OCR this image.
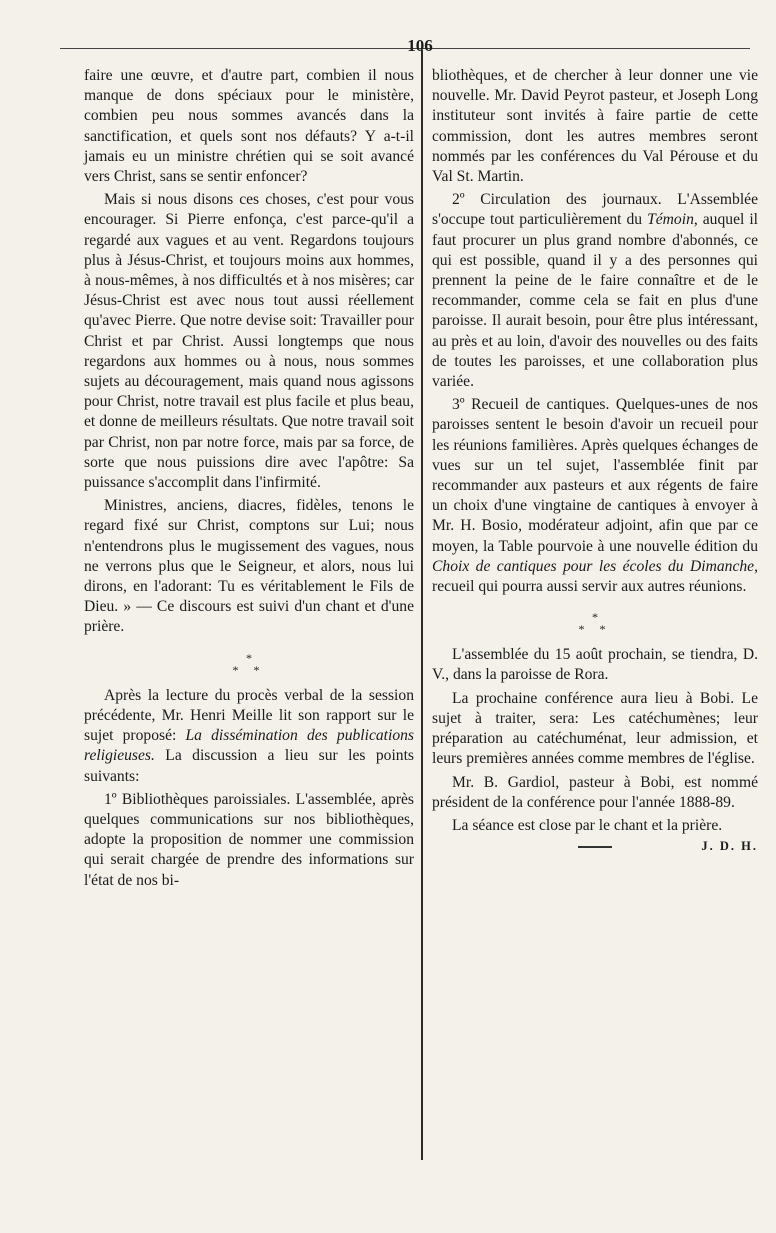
106

faire une œuvre, et d'autre part, combien il nous manque de dons spéciaux pour le ministère, combien peu nous sommes avancés dans la sanctification, et quels sont nos défauts? Y a-t-il jamais eu un ministre chrétien qui se soit avancé vers Christ, sans se sentir enfoncer?

Mais si nous disons ces choses, c'est pour vous encourager. Si Pierre enfonça, c'est parce-qu'il a regardé aux vagues et au vent. Regardons toujours plus à Jésus-Christ, et toujours moins aux hommes, à nous-mêmes, à nos difficultés et à nos misères; car Jésus-Christ est avec nous tout aussi réellement qu'avec Pierre. Que notre devise soit: Travailler pour Christ et par Christ. Aussi longtemps que nous regardons aux hommes ou à nous, nous sommes sujets au découragement, mais quand nous agissons pour Christ, notre travail est plus facile et plus beau, et donne de meilleurs résultats. Que notre travail soit par Christ, non par notre force, mais par sa force, de sorte que nous puissions dire avec l'apôtre: Sa puissance s'accomplit dans l'infirmité.

Ministres, anciens, diacres, fidèles, tenons le regard fixé sur Christ, comptons sur Lui; nous n'entendrons plus le mugissement des vagues, nous ne verrons plus que le Seigneur, et alors, nous lui dirons, en l'adorant: Tu es véritablement le Fils de Dieu. » — Ce discours est suivi d'un chant et d'une prière.

*
* *

Après la lecture du procès verbal de la session précédente, Mr. Henri Meille lit son rapport sur le sujet proposé: La dissémination des publications religieuses. La discussion a lieu sur les points suivants:

1º Bibliothèques paroissiales. L'assemblée, après quelques communications sur nos bibliothèques, adopte la proposition de nommer une commission qui serait chargée de prendre des informations sur l'état de nos bi-

bliothèques, et de chercher à leur donner une vie nouvelle. Mr. David Peyrot pasteur, et Joseph Long instituteur sont invités à faire partie de cette commission, dont les autres membres seront nommés par les conférences du Val Pérouse et du Val St. Martin.

2º Circulation des journaux. L'Assemblée s'occupe tout particulièrement du Témoin, auquel il faut procurer un plus grand nombre d'abonnés, ce qui est possible, quand il y a des personnes qui prennent la peine de le faire connaître et de le recommander, comme cela se fait en plus d'une paroisse. Il aurait besoin, pour être plus intéressant, au près et au loin, d'avoir des nouvelles ou des faits de toutes les paroisses, et une collaboration plus variée.

3º Recueil de cantiques. Quelques-unes de nos paroisses sentent le besoin d'avoir un recueil pour les réunions familières. Après quelques échanges de vues sur un tel sujet, l'assemblée finit par recommander aux pasteurs et aux régents de faire un choix d'une vingtaine de cantiques à envoyer à Mr. H. Bosio, modérateur adjoint, afin que par ce moyen, la Table pourvoie à une nouvelle édition du Choix de cantiques pour les écoles du Dimanche, recueil qui pourra aussi servir aux autres réunions.

*
* *

L'assemblée du 15 août prochain, se tiendra, D. V., dans la paroisse de Rora.

La prochaine conférence aura lieu à Bobi. Le sujet à traiter, sera: Les catéchumènes; leur préparation au catéchuménat, leur admission, et leurs premières années comme membres de l'église.

Mr. B. Gardiol, pasteur à Bobi, est nommé président de la conférence pour l'année 1888-89.

La séance est close par le chant et la prière.
J. D. H.
